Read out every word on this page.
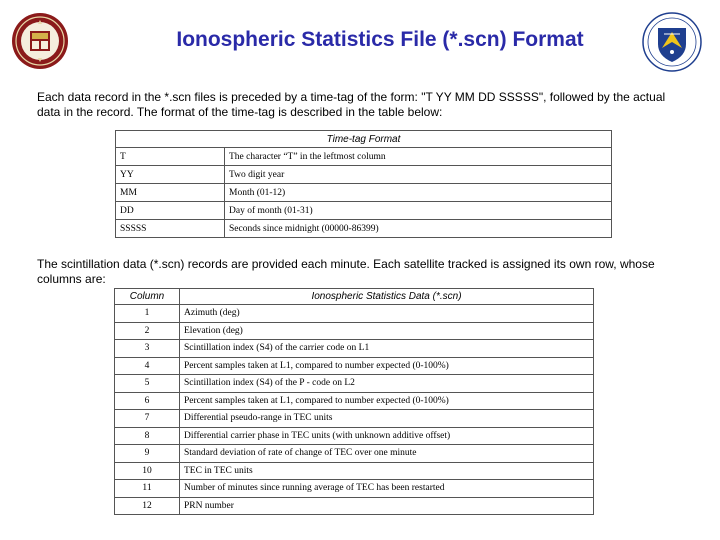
Ionospheric Statistics File (*.scn) Format

Each data record in the *.scn files is preceded by a time-tag of the form: "T YY MM DD SSSSS", followed by the actual data in the record. The format of the time-tag is described in the table below:

Time-tag Format	
T	The character “T” in the leftmost column
YY	Two digit year
MM	Month (01-12)
DD	Day of month (01-31)
SSSSS	Seconds since midnight (00000-86399)

The scintillation data (*.scn) records are provided each minute. Each satellite tracked is assigned its own row, whose columns are:

Column	Ionospheric Statistics Data (*.scn)
1	Azimuth (deg)
2	Elevation (deg)
3	Scintillation index (S4) of the carrier code on L1
4	Percent samples taken at L1, compared to number expected (0-100%)
5	Scintillation index (S4) of the P - code on L2
6	Percent samples taken at L1, compared to number expected (0-100%)
7	Differential pseudo-range in TEC units
8	Differential carrier phase in TEC units (with unknown additive offset)
9	Standard deviation of rate of change of TEC over one minute
10	TEC in TEC units
11	Number of minutes since running average of TEC has been restarted
12	PRN number
